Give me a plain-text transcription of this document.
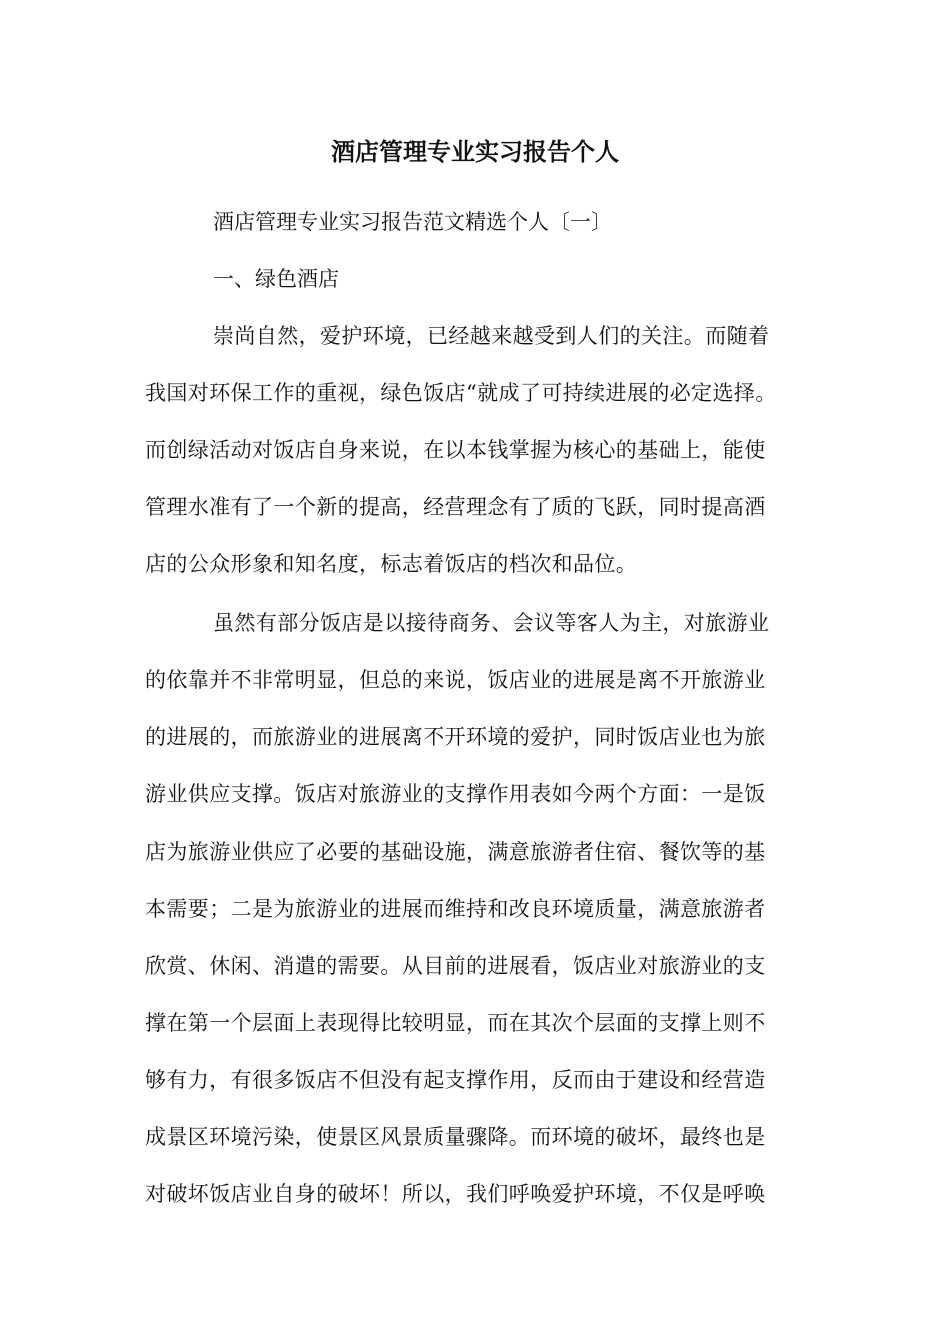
酒店管理专业实习报告个人
酒店管理专业实习报告范文精选个人〔一〕
一、绿色酒店
崇尚自然，爱护环境，已经越来越受到人们的关注。而随着
我国对环保工作的重视，绿色饭店“就成了可持续进展的必定选择。
而创绿活动对饭店自身来说，在以本钱掌握为核心的基础上，能使
管理水准有了一个新的提高，经营理念有了质的飞跃，同时提高酒
店的公众形象和知名度，标志着饭店的档次和品位。
虽然有部分饭店是以接待商务、会议等客人为主，对旅游业
的依靠并不非常明显，但总的来说，饭店业的进展是离不开旅游业
的进展的，而旅游业的进展离不开环境的爱护，同时饭店业也为旅
游业供应支撑。饭店对旅游业的支撑作用表如今两个方面：一是饭
店为旅游业供应了必要的基础设施，满意旅游者住宿、餐饮等的基
本需要；二是为旅游业的进展而维持和改良环境质量，满意旅游者
欣赏、休闲、消遣的需要。从目前的进展看，饭店业对旅游业的支
撑在第一个层面上表现得比较明显，而在其次个层面的支撑上则不
够有力，有很多饭店不但没有起支撑作用，反而由于建设和经营造
成景区环境污染，使景区风景质量骤降。而环境的破坏，最终也是
对破坏饭店业自身的破坏！所以，我们呼唤爱护环境，不仅是呼唤
